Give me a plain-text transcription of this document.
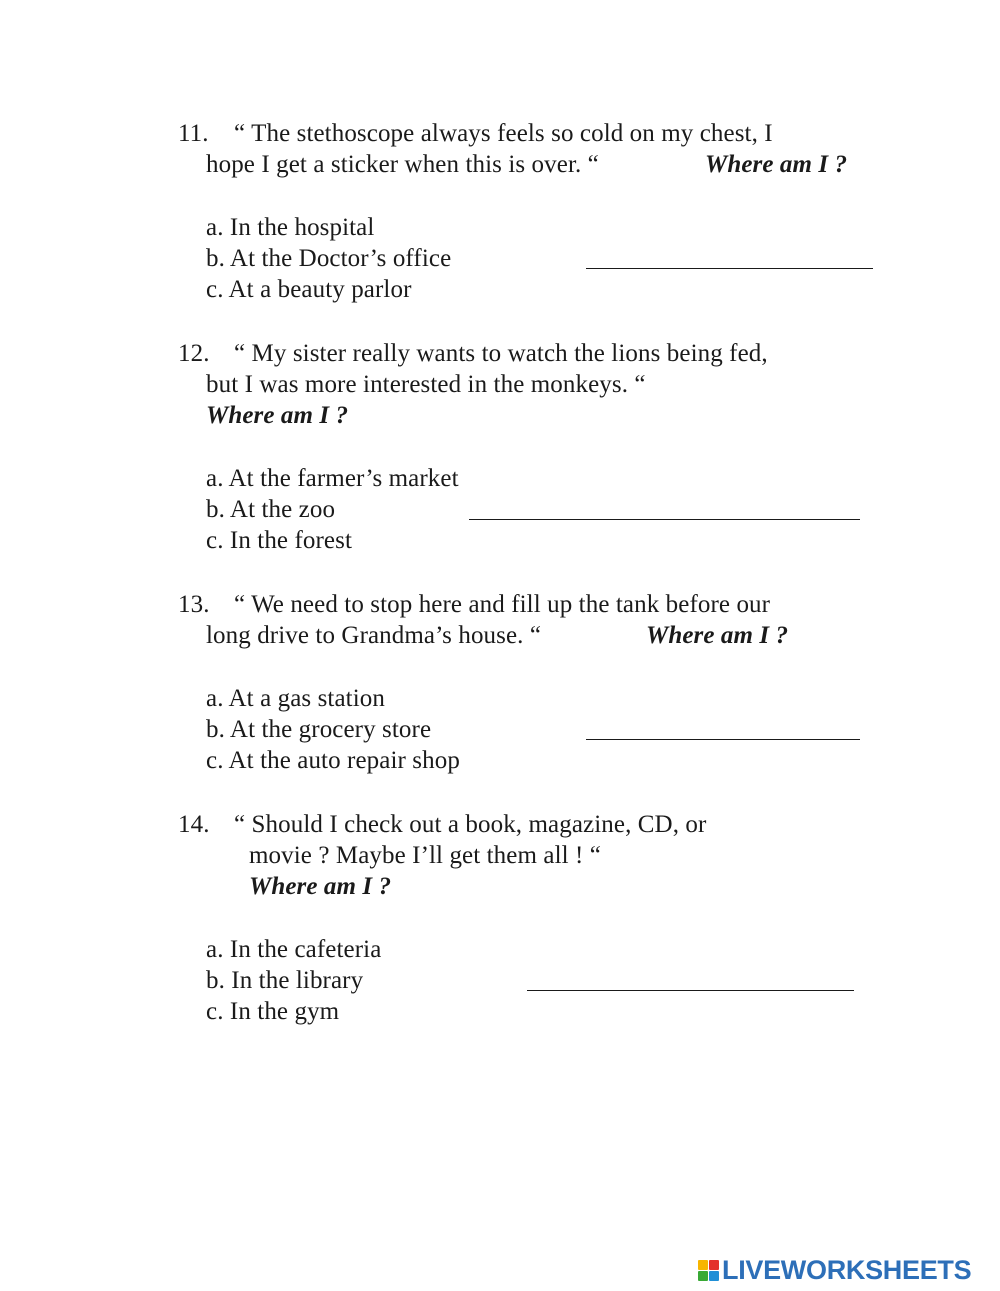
11. “ The stethoscope always feels so cold on my chest, I
hope I get a sticker when this is over. “	Where am I ?
a. In the hospital
b. At the Doctor’s office
c. At a beauty parlor
12. “ My sister really wants to watch the lions being fed,
but I was more interested in the monkeys. “
Where am I ?
a. At the farmer’s market
b. At the zoo
c. In the forest
13. “ We need to stop here and fill up the tank before our
long drive to Grandma’s house. “	Where am I ?
a. At a gas station
b. At the grocery store
c. At the auto repair shop
14. “ Should I check out a book, magazine, CD, or
movie ? Maybe I’ll get them all ! “
Where am I ?
a. In the cafeteria
b. In the library
c. In the gym
LIVEWORKSHEETS
